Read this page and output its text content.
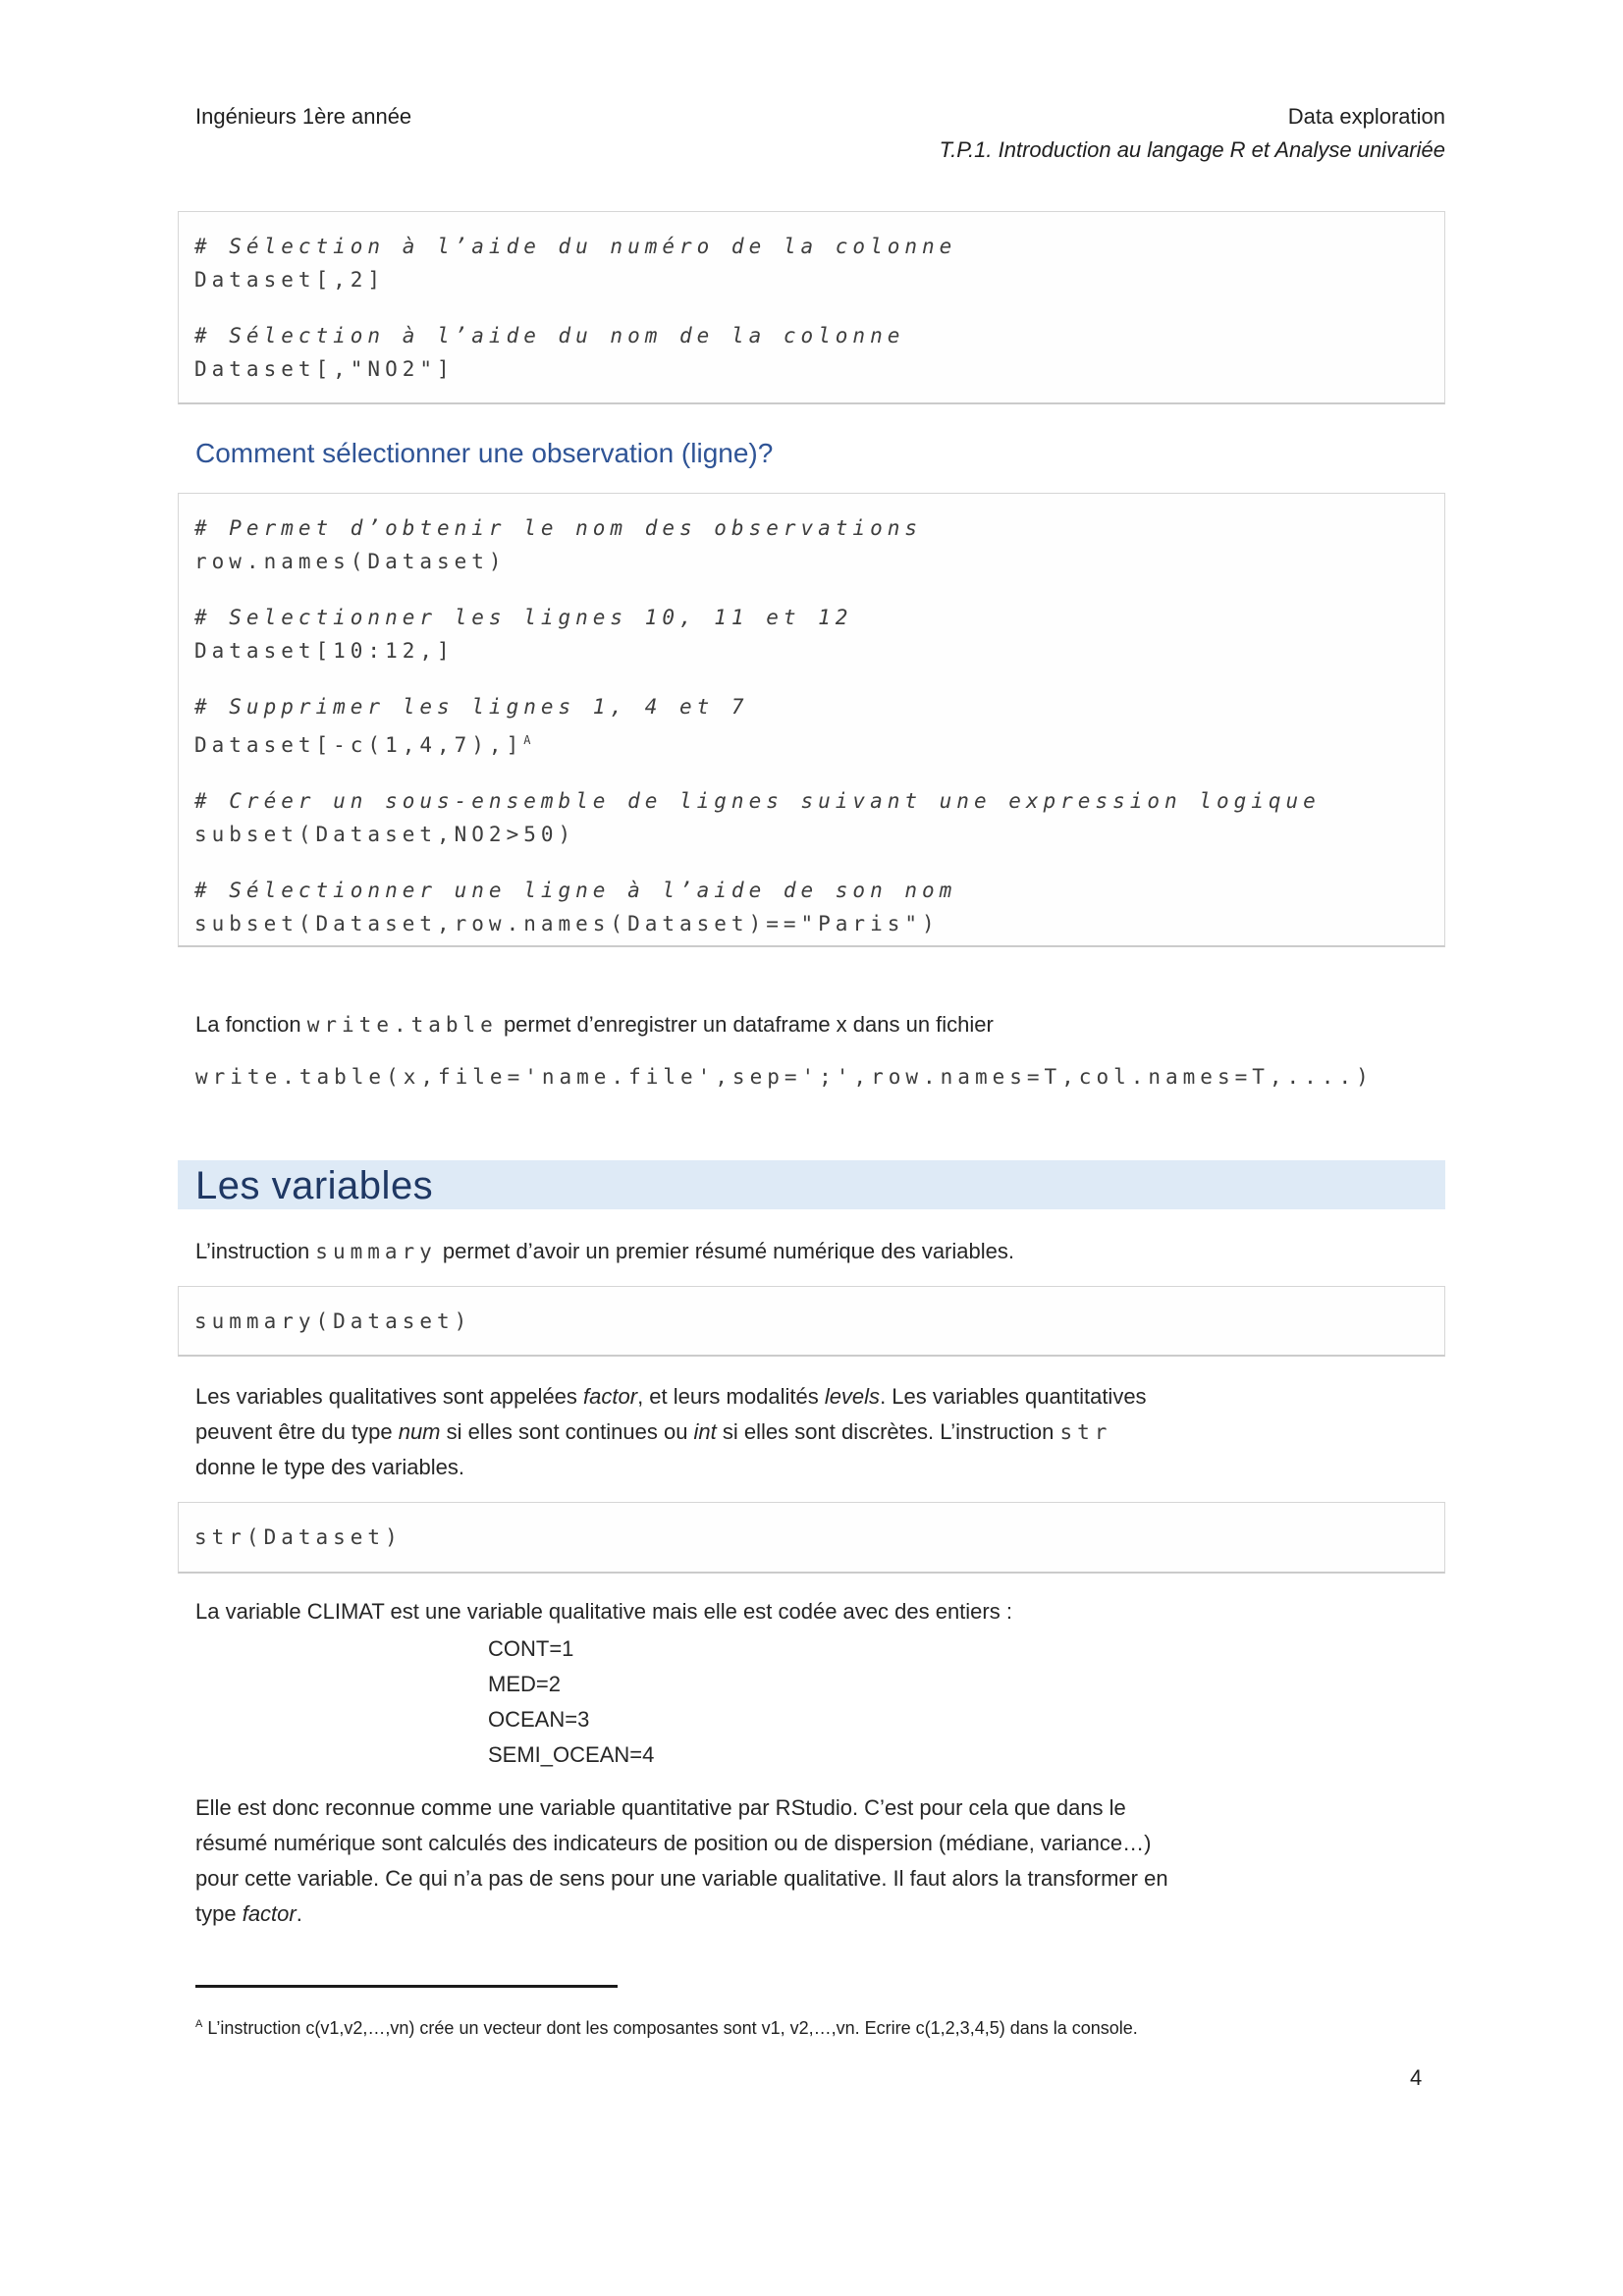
Ingénieurs 1ère année	Data exploration
T.P.1. Introduction au langage R et Analyse univariée
# Sélection à l’aide du numéro de la colonne
Dataset[,2]
# Sélection à l’aide du nom de la colonne
Dataset[,"NO2"]
Comment sélectionner une observation (ligne)?
# Permet d’obtenir le nom des observations
row.names(Dataset)
# Selectionner les lignes 10, 11 et 12
Dataset[10:12,]
# Supprimer les lignes 1, 4 et 7
$Dataset[-c(1,4,7),]^A$
# Créer un sous-ensemble de lignes suivant une expression logique
subset(Dataset,NO2>50)
# Sélectionner une ligne à l’aide de son nom
subset(Dataset,row.names(Dataset)=="Paris")
La fonction write.table permet d’enregistrer un dataframe x dans un fichier
write.table(x,file='name.file',sep=';',row.names=T,col.names=T,....)
Les variables
L’instruction summary permet d’avoir un premier résumé numérique des variables.
summary(Dataset)
Les variables qualitatives sont appelées factor, et leurs modalités levels. Les variables quantitatives
peuvent être du type num si elles sont continues ou int si elles sont discrètes. L’instruction str
donne le type des variables.
str(Dataset)
La variable CLIMAT est une variable qualitative mais elle est codée avec des entiers :
CONT=1
MED=2
OCEAN=3
SEMI_OCEAN=4
Elle est donc reconnue comme une variable quantitative par RStudio. C’est pour cela que dans le
résumé numérique sont calculés des indicateurs de position ou de dispersion (médiane, variance…)
pour cette variable. Ce qui n’a pas de sens pour une variable qualitative. Il faut alors la transformer en
type factor.
$^A$ L’instruction c(v1,v2,…,vn) crée un vecteur dont les composantes sont v1, v2,…,vn. Ecrire c(1,2,3,4,5) dans la console.
4
